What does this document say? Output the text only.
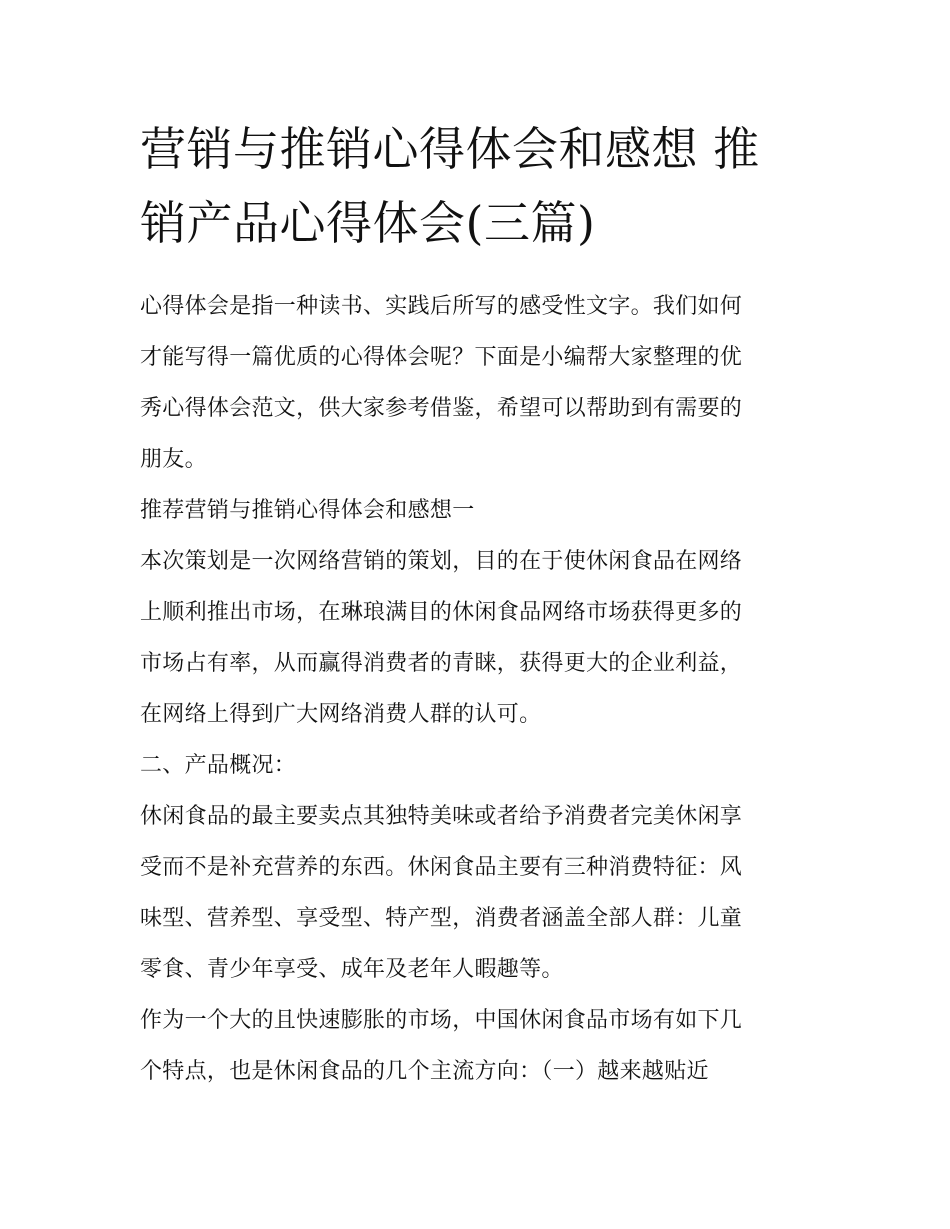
营销与推销心得体会和感想 推
销产品心得体会(三篇)

心得体会是指一种读书、实践后所写的感受性文字。我们如何
才能写得一篇优质的心得体会呢？下面是小编帮大家整理的优
秀心得体会范文，供大家参考借鉴，希望可以帮助到有需要的
朋友。

推荐营销与推销心得体会和感想一

本次策划是一次网络营销的策划，目的在于使休闲食品在网络
上顺利推出市场，在琳琅满目的休闲食品网络市场获得更多的
市场占有率，从而赢得消费者的青睐，获得更大的企业利益，
在网络上得到广大网络消费人群的认可。

二、产品概况：

休闲食品的最主要卖点其独特美味或者给予消费者完美休闲享
受而不是补充营养的东西。休闲食品主要有三种消费特征：风
味型、营养型、享受型、特产型，消费者涵盖全部人群：儿童
零食、青少年享受、成年及老年人暇趣等。

作为一个大的且快速膨胀的市场，中国休闲食品市场有如下几
个特点，也是休闲食品的几个主流方向：（一）越来越贴近
